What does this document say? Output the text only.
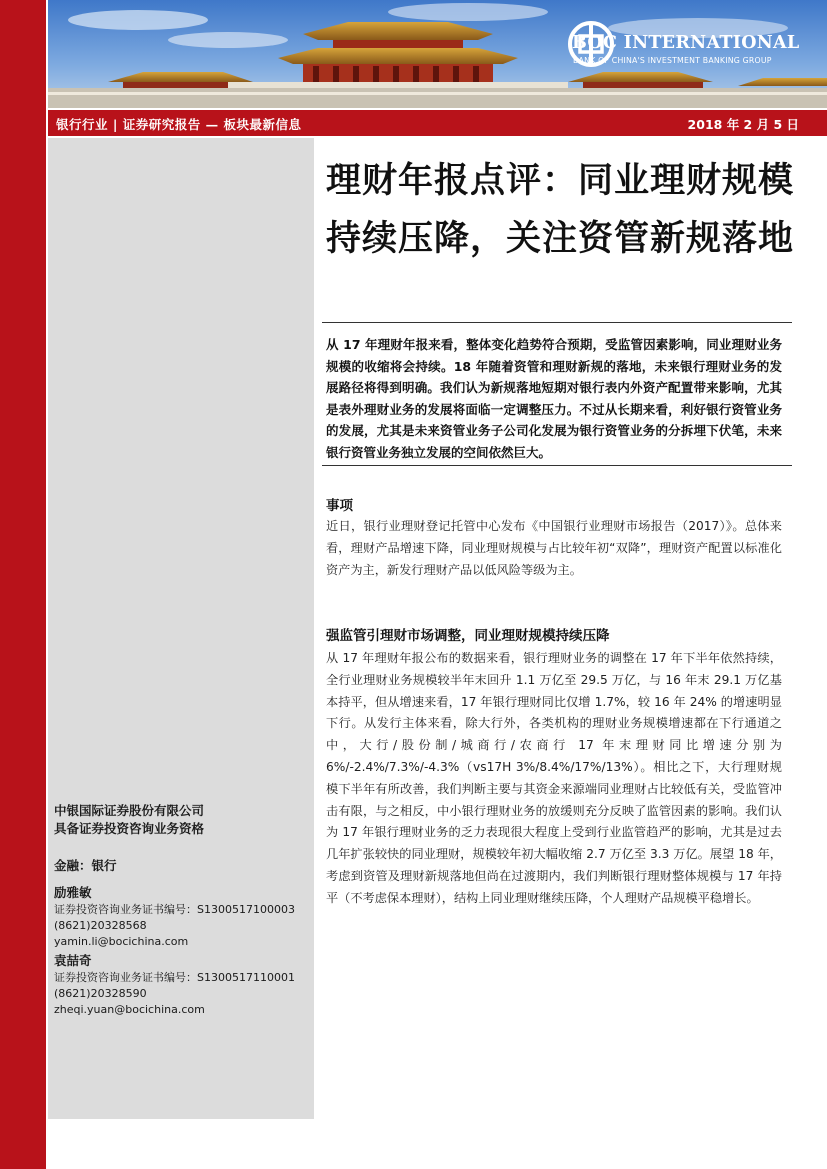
BOC INTERNATIONAL
BANK OF CHINA'S INVESTMENT BANKING GROUP
银行行业 | 证券研究报告 — 板块最新信息	2018 年 2 月 5 日
中银国际证券股份有限公司
具备证券投资咨询业务资格
金融：银行
励雅敏
证券投资咨询业务证书编号：S1300517100003
(8621)20328568
yamin.li@bocichina.com
袁喆奇
证券投资咨询业务证书编号：S1300517110001
(8621)20328590
zheqi.yuan@bocichina.com
理财年报点评：同业理财规模持续压降，关注资管新规落地
从 17 年理财年报来看，整体变化趋势符合预期，受监管因素影响，同业理财业务规模的收缩将会持续。18 年随着资管和理财新规的落地，未来银行理财业务的发展路径将得到明确。我们认为新规落地短期对银行表内外资产配置带来影响，尤其是表外理财业务的发展将面临一定调整压力。不过从长期来看，利好银行资管业务的发展，尤其是未来资管业务子公司化发展为银行资管业务的分拆埋下伏笔，未来银行资管业务独立发展的空间依然巨大。
事项
近日，银行业理财登记托管中心发布《中国银行业理财市场报告（2017）》。总体来看，理财产品增速下降，同业理财规模与占比较年初“双降”，理财资产配置以标准化资产为主，新发行理财产品以低风险等级为主。
强监管引理财市场调整，同业理财规模持续压降
从 17 年理财年报公布的数据来看，银行理财业务的调整在 17 年下半年依然持续，全行业理财业务规模较半年末回升 1.1 万亿至 29.5 万亿，与 16 年末 29.1 万亿基本持平，但从增速来看，17 年银行理财同比仅增 1.7%，较 16 年 24% 的增速明显下行。从发行主体来看，除大行外，各类机构的理财业务规模增速都在下行通道之中，大行/股份制/城商行/农商行 17 年末理财同比增速分别为 6%/-2.4%/7.3%/-4.3%（vs17H 3%/8.4%/17%/13%）。相比之下，大行理财规模下半年有所改善，我们判断主要与其资金来源端同业理财占比较低有关，受监管冲击有限，与之相反，中小银行理财业务的放缓则充分反映了监管因素的影响。我们认为 17 年银行理财业务的乏力表现很大程度上受到行业监管趋严的影响，尤其是过去几年扩张较快的同业理财，规模较年初大幅收缩 2.7 万亿至 3.3 万亿。展望 18 年，考虑到资管及理财新规落地但尚在过渡期内，我们判断银行理财整体规模与 17 年持平（不考虑保本理财），结构上同业理财继续压降，个人理财产品规模平稳增长。
